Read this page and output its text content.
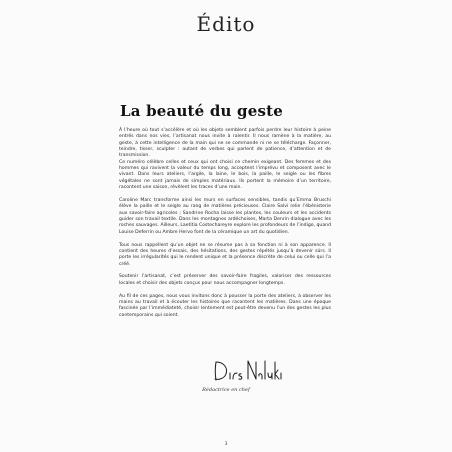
Édito
La beauté du geste

À l’heure où tout s’accélère et où les objets semblent parfois perdre leur histoire à peine entrés dans nos vies, l’artisanat nous invite à ralentir. Il nous ramène à la matière, au geste, à cette intelligence de la main qui ne se commande ni ne se télécharge. Façonner, teindre, tisser, sculpter : autant de verbes qui parlent de patience, d’attention et de transmission.

Ce numéro célèbre celles et ceux qui ont choisi ce chemin exigeant. Des femmes et des hommes qui ravivent la valeur du temps long, acceptent l’imprévu et composent avec le vivant. Dans leurs ateliers, l’argile, la laine, le bois, la paille, le seigle ou les fibres végétales ne sont jamais de simples matériaux. Ils portent la mémoire d’un territoire, racontent une saison, révèlent les traces d’une main.

Caroline Marc transforme ainsi les murs en surfaces sensibles, tandis qu’Emma Bruschi élève la paille et le seigle au rang de matières précieuses. Claire Salvi relie l’ébénisterie aux savoir-faire agricoles ; Sandrine Rocha laisse les plantes, les couleurs et les accidents guider son travail textile. Dans les montagnes ardéchoises, Marta Denrin dialogue avec les roches sauvages. Ailleurs, Laetitia Costechareyre explore les profondeurs de l’indigo, quand Louise Deferrin ou Ambre Hervo font de la céramique un art du quotidien.

Tous nous rappellent qu’un objet ne se résume pas à sa fonction ni à son apparence. Il contient des heures d’essais, des hésitations, des gestes répétés jusqu’à devenir sûrs. Il porte les irrégularités qui le rendent unique et la présence discrète de celui ou celle qui l’a créé.

Soutenir l’artisanat, c’est préserver des savoir-faire fragiles, valoriser des ressources locales et choisir des objets conçus pour nous accompagner longtemps.

Au fil de ces pages, nous vous invitons donc à pousser la porte des ateliers, à observer les mains au travail et à écouter les histoires que racontent les matières. Dans une époque fascinée par l’immédiateté, choisir lentement est peut-être devenu l’un des gestes les plus contemporains qui soient.

Rédactrice en chef
3
